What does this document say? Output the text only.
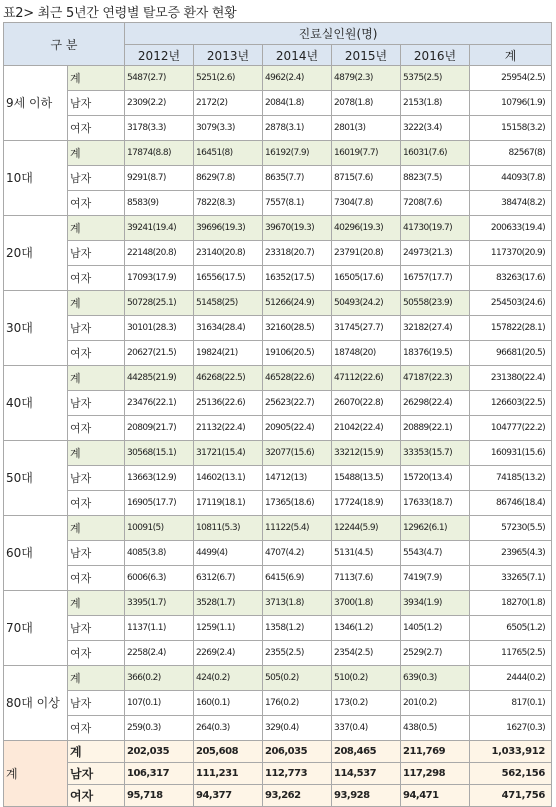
표2> 최근 5년간 연령별 탈모증 환자 현황
구 분		진료실인원(명)					
		2012년	2013년	2014년	2015년	2016년	계
9세 이하	계	5487(2.7)	5251(2.6)	4962(2.4)	4879(2.3)	5375(2.5)	25954(2.5)
	남자	2309(2.2)	2172(2)	2084(1.8)	2078(1.8)	2153(1.8)	10796(1.9)
	여자	3178(3.3)	3079(3.3)	2878(3.1)	2801(3)	3222(3.4)	15158(3.2)
10대	계	17874(8.8)	16451(8)	16192(7.9)	16019(7.7)	16031(7.6)	82567(8)
	남자	9291(8.7)	8629(7.8)	8635(7.7)	8715(7.6)	8823(7.5)	44093(7.8)
	여자	8583(9)	7822(8.3)	7557(8.1)	7304(7.8)	7208(7.6)	38474(8.2)
20대	계	39241(19.4)	39696(19.3)	39670(19.3)	40296(19.3)	41730(19.7)	200633(19.4)
	남자	22148(20.8)	23140(20.8)	23318(20.7)	23791(20.8)	24973(21.3)	117370(20.9)
	여자	17093(17.9)	16556(17.5)	16352(17.5)	16505(17.6)	16757(17.7)	83263(17.6)
30대	계	50728(25.1)	51458(25)	51266(24.9)	50493(24.2)	50558(23.9)	254503(24.6)
	남자	30101(28.3)	31634(28.4)	32160(28.5)	31745(27.7)	32182(27.4)	157822(28.1)
	여자	20627(21.5)	19824(21)	19106(20.5)	18748(20)	18376(19.5)	96681(20.5)
40대	계	44285(21.9)	46268(22.5)	46528(22.6)	47112(22.6)	47187(22.3)	231380(22.4)
	남자	23476(22.1)	25136(22.6)	25623(22.7)	26070(22.8)	26298(22.4)	126603(22.5)
	여자	20809(21.7)	21132(22.4)	20905(22.4)	21042(22.4)	20889(22.1)	104777(22.2)
50대	계	30568(15.1)	31721(15.4)	32077(15.6)	33212(15.9)	33353(15.7)	160931(15.6)
	남자	13663(12.9)	14602(13.1)	14712(13)	15488(13.5)	15720(13.4)	74185(13.2)
	여자	16905(17.7)	17119(18.1)	17365(18.6)	17724(18.9)	17633(18.7)	86746(18.4)
60대	계	10091(5)	10811(5.3)	11122(5.4)	12244(5.9)	12962(6.1)	57230(5.5)
	남자	4085(3.8)	4499(4)	4707(4.2)	5131(4.5)	5543(4.7)	23965(4.3)
	여자	6006(6.3)	6312(6.7)	6415(6.9)	7113(7.6)	7419(7.9)	33265(7.1)
70대	계	3395(1.7)	3528(1.7)	3713(1.8)	3700(1.8)	3934(1.9)	18270(1.8)
	남자	1137(1.1)	1259(1.1)	1358(1.2)	1346(1.2)	1405(1.2)	6505(1.2)
	여자	2258(2.4)	2269(2.4)	2355(2.5)	2354(2.5)	2529(2.7)	11765(2.5)
80대 이상	계	366(0.2)	424(0.2)	505(0.2)	510(0.2)	639(0.3)	2444(0.2)
	남자	107(0.1)	160(0.1)	176(0.2)	173(0.2)	201(0.2)	817(0.1)
	여자	259(0.3)	264(0.3)	329(0.4)	337(0.4)	438(0.5)	1627(0.3)
계	계	202,035	205,608	206,035	208,465	211,769	1,033,912
	남자	106,317	111,231	112,773	114,537	117,298	562,156
	여자	95,718	94,377	93,262	93,928	94,471	471,756
